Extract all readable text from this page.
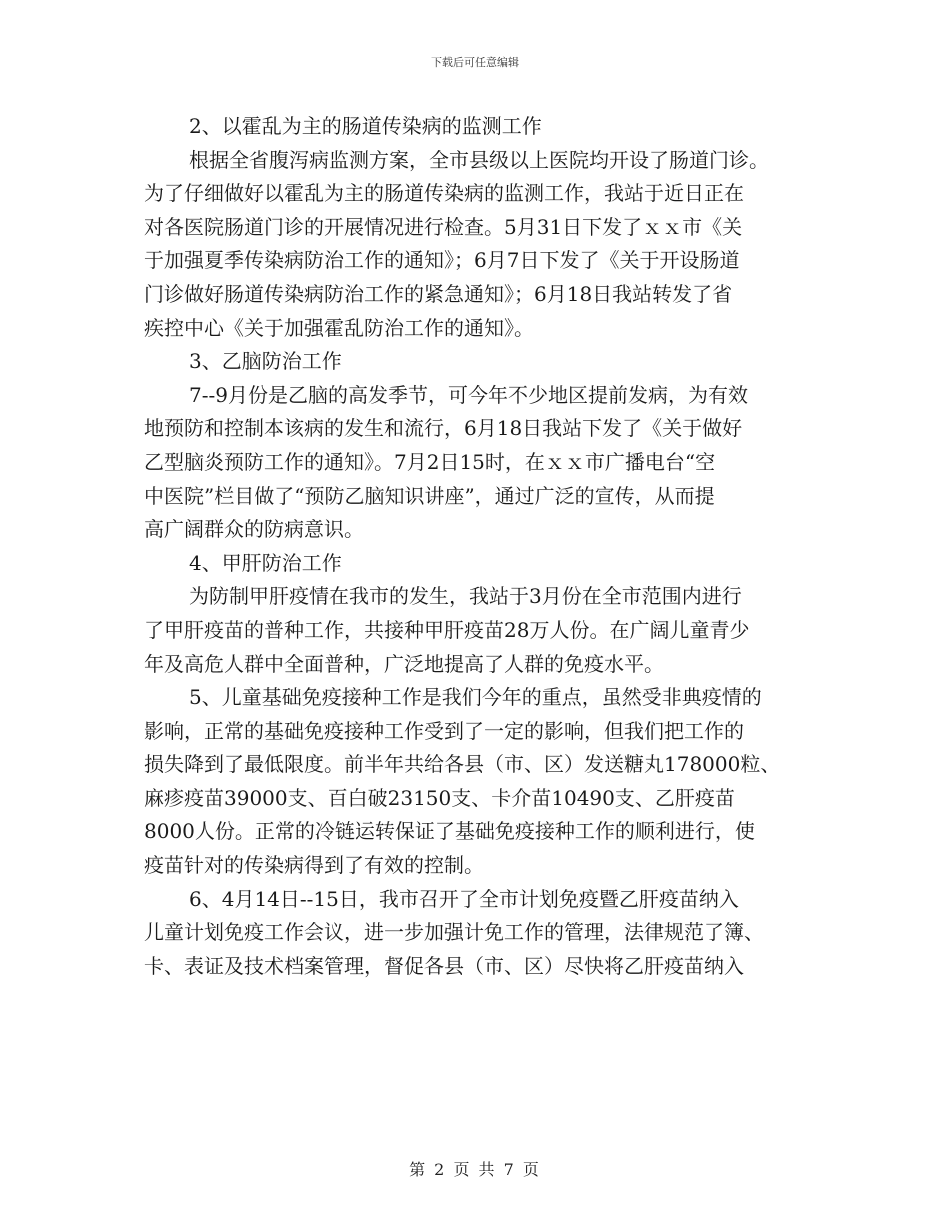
下载后可任意编辑
2、以霍乱为主的肠道传染病的监测工作
根据全省腹泻病监测方案，全市县级以上医院均开设了肠道门诊。
为了仔细做好以霍乱为主的肠道传染病的监测工作，我站于近日正在
对各医院肠道门诊的开展情况进行检查。5月31日下发了ｘｘ市《关
于加强夏季传染病防治工作的通知》；6月7日下发了《关于开设肠道
门诊做好肠道传染病防治工作的紧急通知》；6月18日我站转发了省
疾控中心《关于加强霍乱防治工作的通知》。
3、乙脑防治工作
7--9月份是乙脑的高发季节，可今年不少地区提前发病，为有效
地预防和控制本该病的发生和流行，6月18日我站下发了《关于做好
乙型脑炎预防工作的通知》。7月2日15时，在ｘｘ市广播电台“空
中医院”栏目做了“预防乙脑知识讲座”，通过广泛的宣传，从而提
高广阔群众的防病意识。
4、甲肝防治工作
为防制甲肝疫情在我市的发生，我站于3月份在全市范围内进行
了甲肝疫苗的普种工作，共接种甲肝疫苗28万人份。在广阔儿童青少
年及高危人群中全面普种，广泛地提高了人群的免疫水平。
5、儿童基础免疫接种工作是我们今年的重点，虽然受非典疫情的
影响，正常的基础免疫接种工作受到了一定的影响，但我们把工作的
损失降到了最低限度。前半年共给各县（市、区）发送糖丸178000粒、
麻疹疫苗39000支、百白破23150支、卡介苗10490支、乙肝疫苗
8000人份。正常的冷链运转保证了基础免疫接种工作的顺利进行，使
疫苗针对的传染病得到了有效的控制。
6、4月14日--15日，我市召开了全市计划免疫暨乙肝疫苗纳入
儿童计划免疫工作会议，进一步加强计免工作的管理，法律规范了簿、
卡、表证及技术档案管理，督促各县（市、区）尽快将乙肝疫苗纳入
第 2 页 共 7 页
